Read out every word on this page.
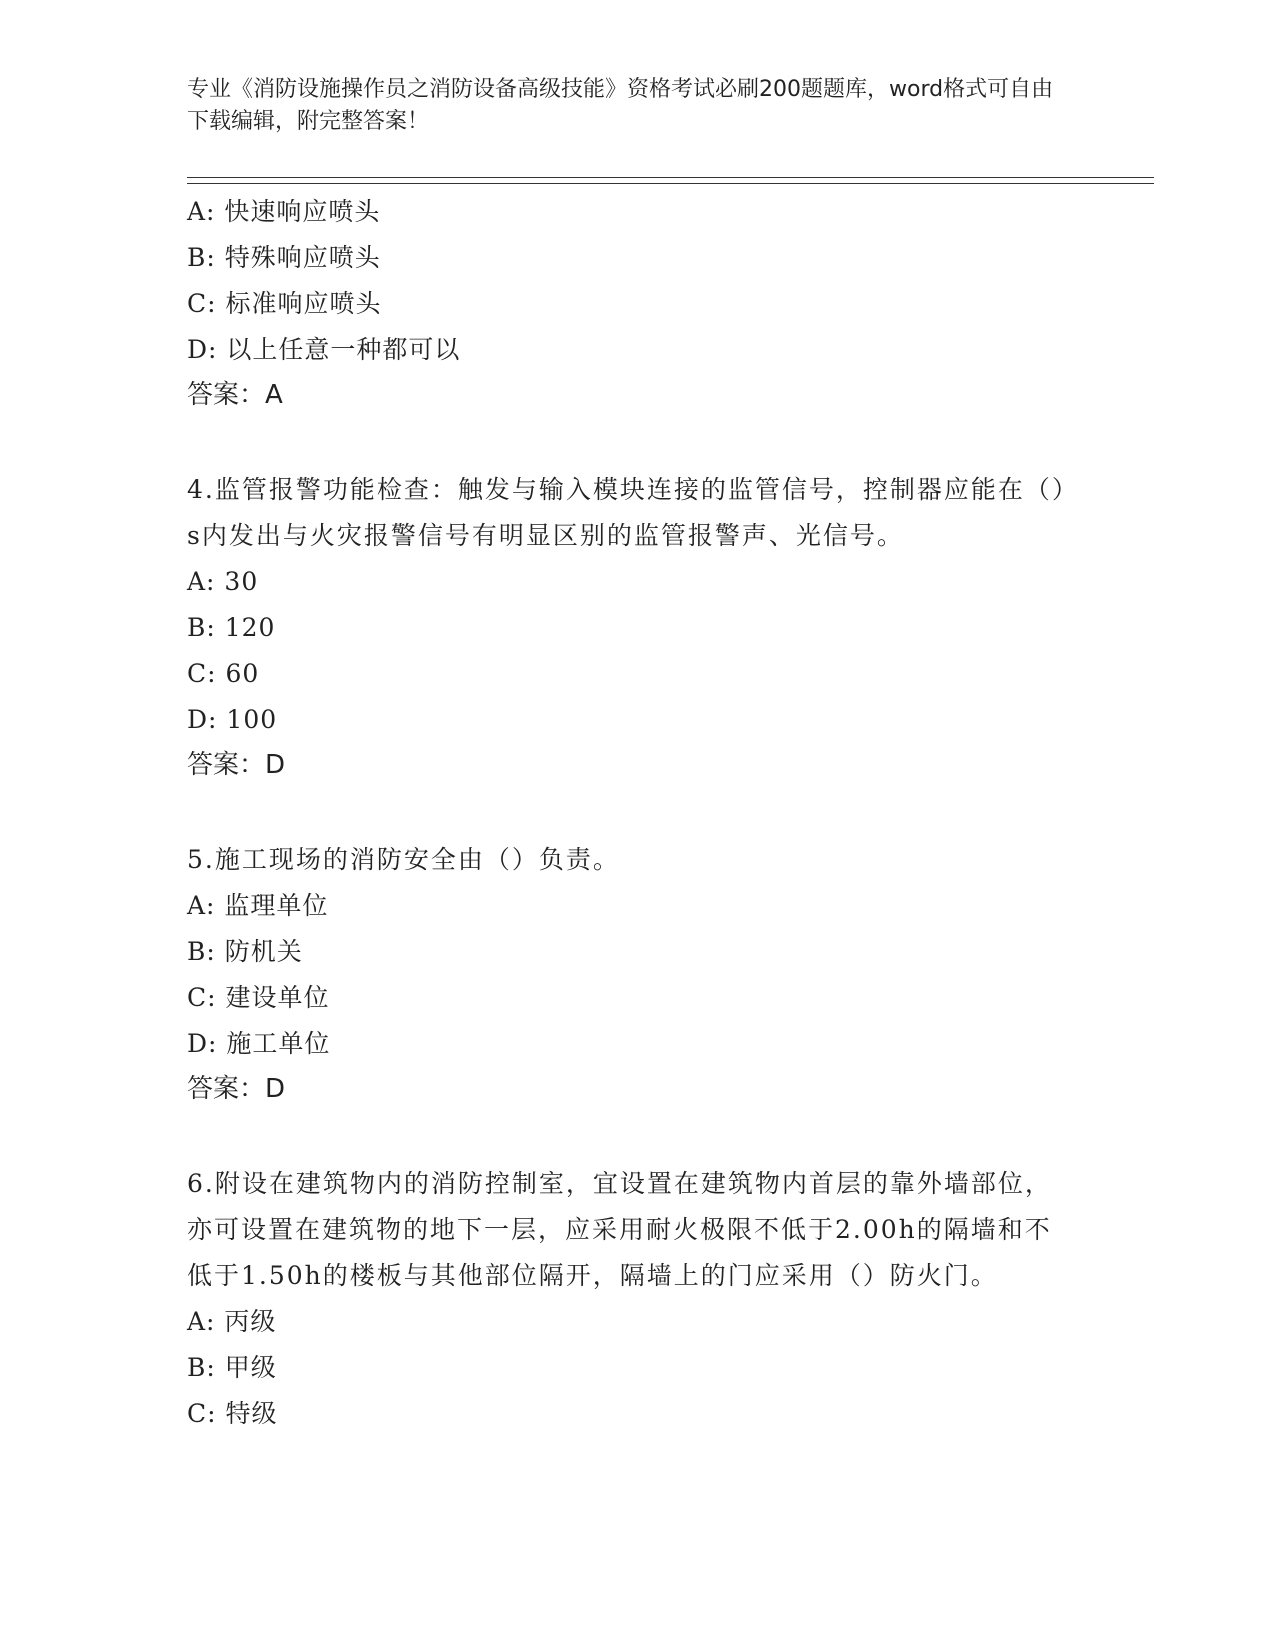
专业《消防设施操作员之消防设备高级技能》资格考试必刷200题题库，word格式可自由下载编辑，附完整答案！
A: 快速响应喷头
B: 特殊响应喷头
C: 标准响应喷头
D: 以上任意一种都可以
答案：A
4.监管报警功能检查：触发与输入模块连接的监管信号，控制器应能在（）s内发出与火灾报警信号有明显区别的监管报警声、光信号。
A: 30
B: 120
C: 60
D: 100
答案：D
5.施工现场的消防安全由（）负责。
A: 监理单位
B: 防机关
C: 建设单位
D: 施工单位
答案：D
6.附设在建筑物内的消防控制室，宜设置在建筑物内首层的靠外墙部位，亦可设置在建筑物的地下一层，应采用耐火极限不低于2.00h的隔墙和不低于1.50h的楼板与其他部位隔开，隔墙上的门应采用（）防火门。
A: 丙级
B: 甲级
C: 特级
